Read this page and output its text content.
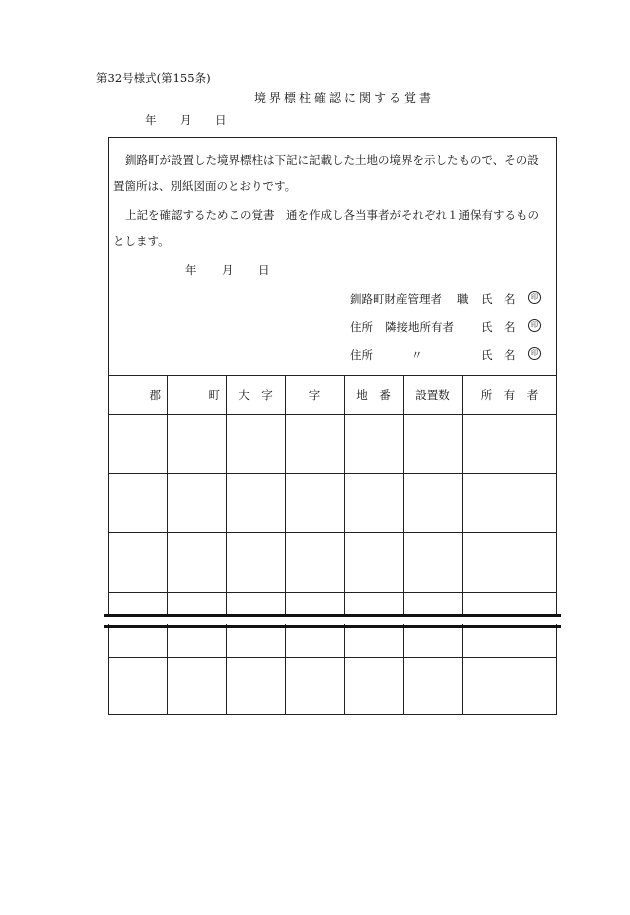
第32号様式(第155条)
境界標柱確認に関する覚書
年 月 日
釧路町が設置した境界標柱は下記に記載した土地の境界を示したもので、その設
置箇所は、別紙図面のとおりです。
上記を確認するためこの覚書　通を作成し各当事者がそれぞれ１通保有するもの
とします。
年 月 日
釧路町財産管理者 職 氏　名	印
住所 隣接地所有者 氏　名	印
住所	〃	氏　名	印
郡	町	大　字	字	地　番	設置数	所　有　者
